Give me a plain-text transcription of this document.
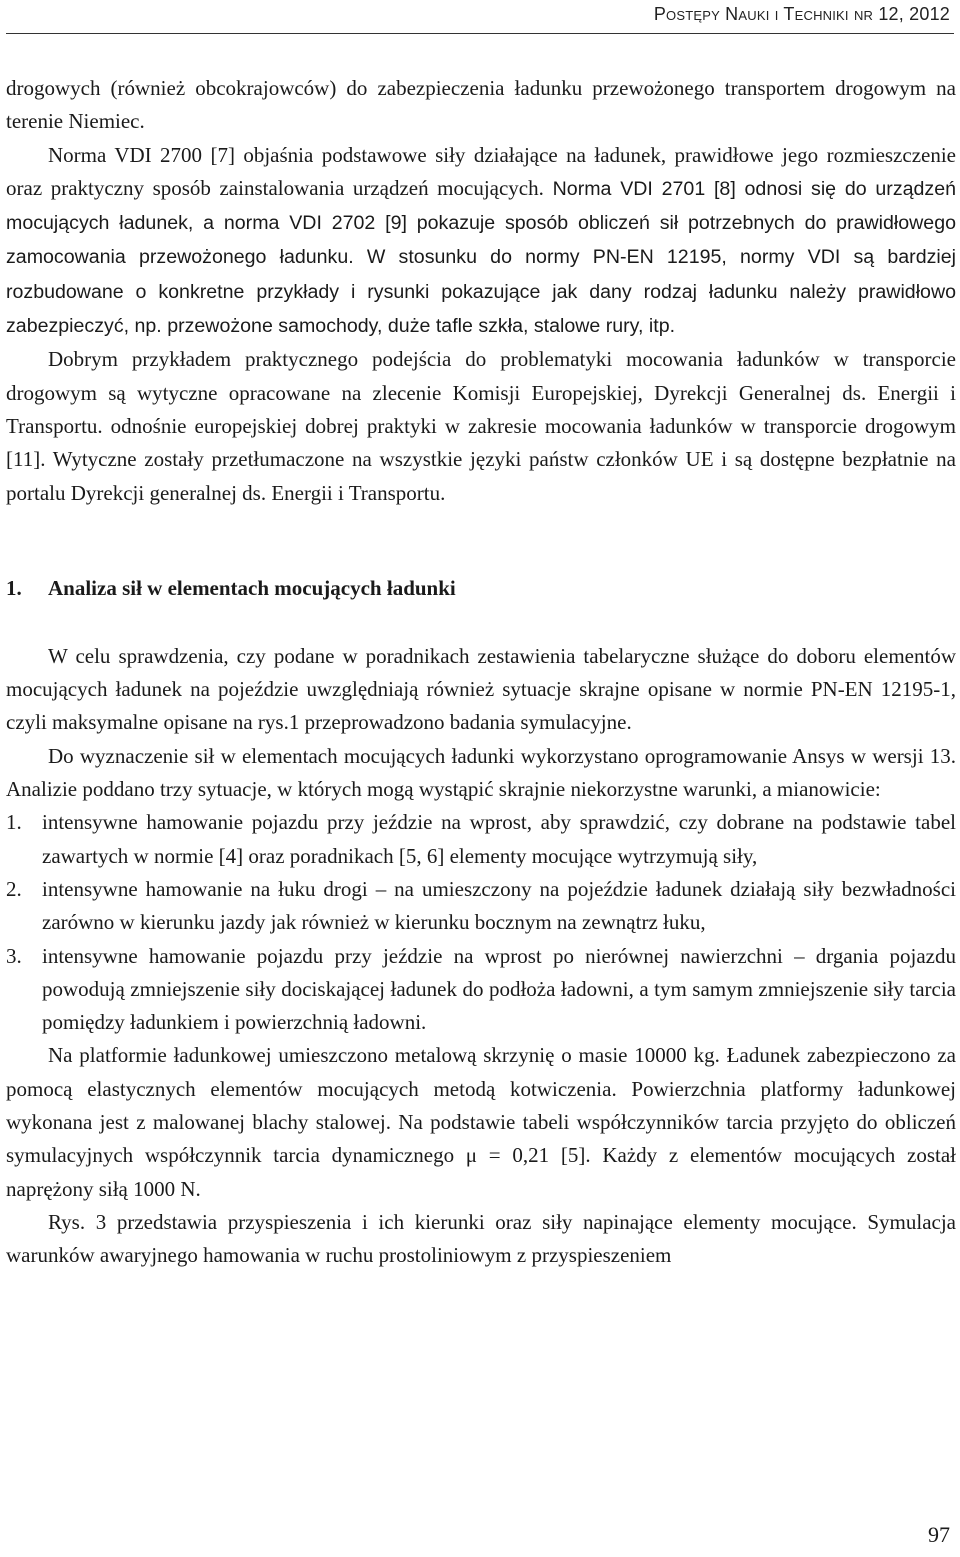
Postępy Nauki i Techniki nr 12, 2012

drogowych (również obcokrajowców) do zabezpieczenia ładunku przewożonego transportem drogowym na terenie Niemiec.

Norma VDI 2700 [7] objaśnia podstawowe siły działające na ładunek, prawidłowe jego rozmieszczenie oraz praktyczny sposób zainstalowania urządzeń mocujących. Norma VDI 2701 [8] odnosi się do urządzeń mocujących ładunek, a norma VDI 2702 [9] pokazuje sposób obliczeń sił potrzebnych do prawidłowego zamocowania przewożonego ładunku. W stosunku do normy PN-EN 12195, normy VDI są bardziej rozbudowane o konkretne przykłady i rysunki pokazujące jak dany rodzaj ładunku należy prawidłowo zabezpieczyć, np. przewożone samochody, duże tafle szkła, stalowe rury, itp.

Dobrym przykładem praktycznego podejścia do problematyki mocowania ładunków w transporcie drogowym są wytyczne opracowane na zlecenie Komisji Europejskiej, Dyrekcji Generalnej ds. Energii i Transportu. odnośnie europejskiej dobrej praktyki w zakresie mocowania ładunków w transporcie drogowym [11]. Wytyczne zostały przetłumaczone na wszystkie języki państw członków UE i są dostępne bezpłatnie na portalu Dyrekcji generalnej ds. Energii i Transportu.

1. Analiza sił w elementach mocujących ładunki

W celu sprawdzenia, czy podane w poradnikach zestawienia tabelaryczne służące do doboru elementów mocujących ładunek na pojeździe uwzględniają również sytuacje skrajne opisane w normie PN-EN 12195-1, czyli maksymalne opisane na rys.1 przeprowadzono badania symulacyjne.

Do wyznaczenie sił w elementach mocujących ładunki wykorzystano oprogramowanie Ansys w wersji 13. Analizie poddano trzy sytuacje, w których mogą wystąpić skrajnie niekorzystne warunki, a mianowicie:

1. intensywne hamowanie pojazdu przy jeździe na wprost, aby sprawdzić, czy dobrane na podstawie tabel zawartych w normie [4] oraz poradnikach [5, 6] elementy mocujące wytrzymują siły,
2. intensywne hamowanie na łuku drogi – na umieszczony na pojeździe ładunek działają siły bezwładności zarówno w kierunku jazdy jak również w kierunku bocznym na zewnątrz łuku,
3. intensywne hamowanie pojazdu przy jeździe na wprost po nierównej nawierzchni – drgania pojazdu powodują zmniejszenie siły dociskającej ładunek do podłoża ładowni, a tym samym zmniejszenie siły tarcia pomiędzy ładunkiem i powierzchnią ładowni.

Na platformie ładunkowej umieszczono metalową skrzynię o masie 10000 kg. Ładunek zabezpieczono za pomocą elastycznych elementów mocujących metodą kotwiczenia. Powierzchnia platformy ładunkowej wykonana jest z malowanej blachy stalowej. Na podstawie tabeli współczynników tarcia przyjęto do obliczeń symulacyjnych współczynnik tarcia dynamicznego μ = 0,21 [5]. Każdy z elementów mocujących został naprężony siłą 1000 N.

Rys. 3 przedstawia przyspieszenia i ich kierunki oraz siły napinające elementy mocujące. Symulacja warunków awaryjnego hamowania w ruchu prostoliniowym z przyspieszeniem

97
